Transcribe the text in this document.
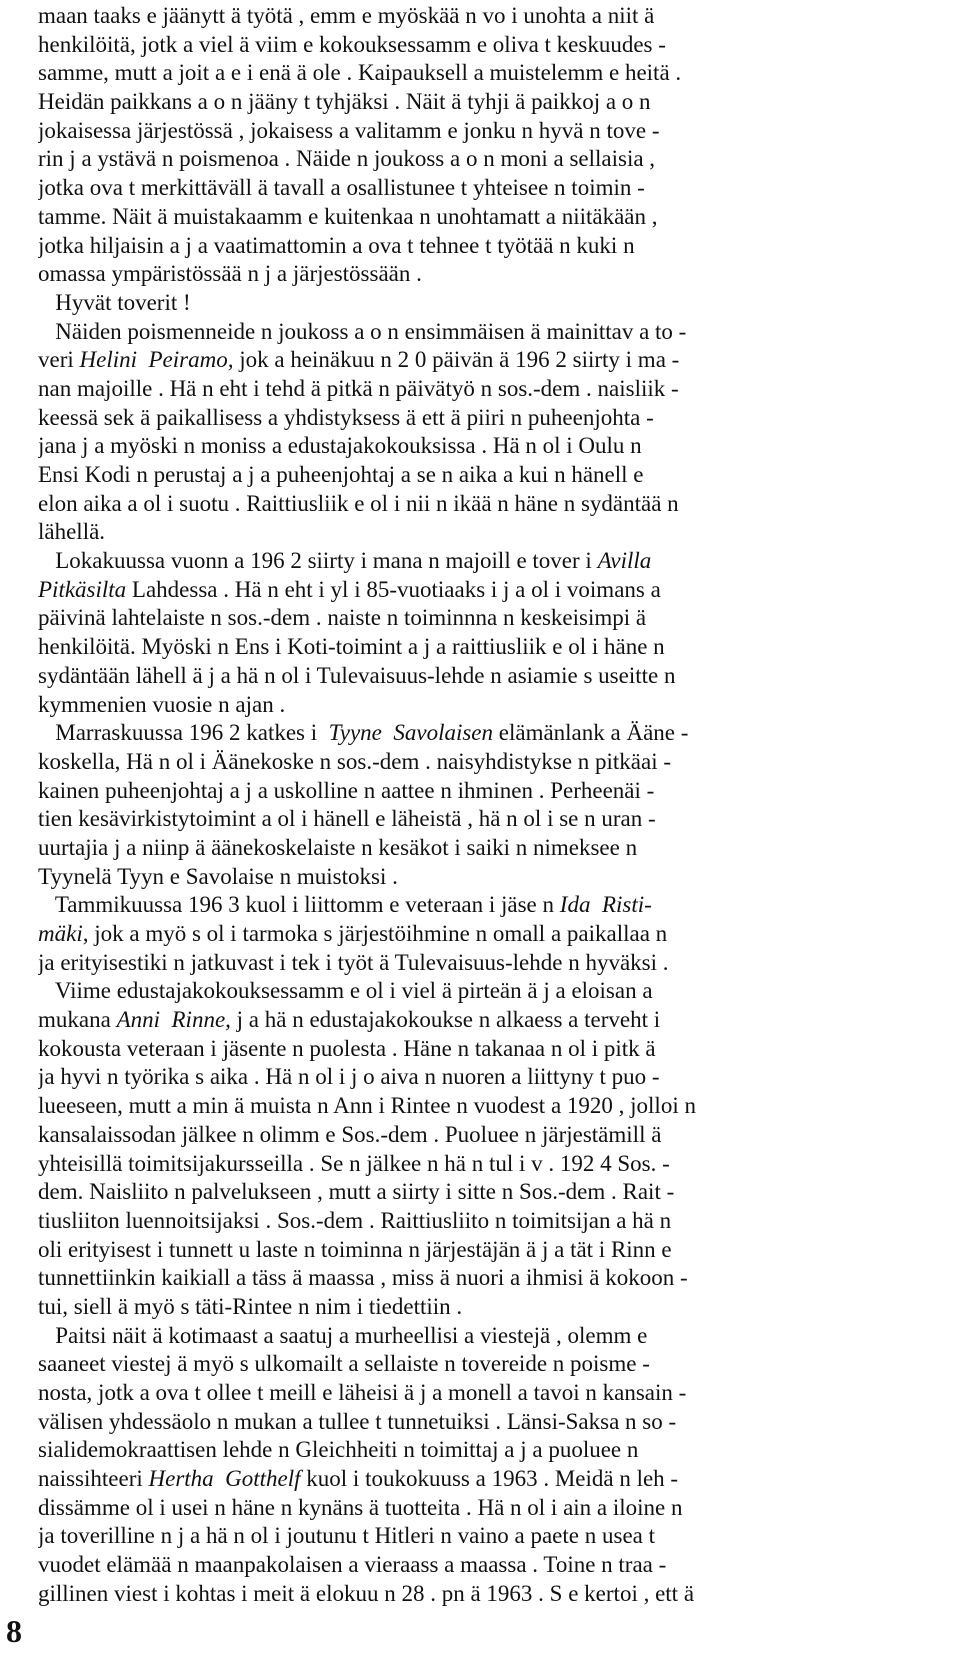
maan taaks e jäänytt ä työtä , emm e myöskää n vo i unohta a niit ä
henkilöitä, jotk a viel ä viim e kokouksessamm e oliva t keskuudes -
samme, mutt a joit a e i enä ä ole . Kaipauksell a muistelemm e heitä .
Heidän paikkans a o n jääny t tyhjäksi . Näit ä tyhji ä paikkoj a o n
jokaisessa järjestössä , jokaisess a valitamm e jonku n hyvä n tove -
rin j a ystävä n poismenoa . Näide n joukoss a o n moni a sellaisia ,
jotka ova t merkittäväll ä tavall a osallistunee t yhteisee n toimin -
tamme. Näit ä muistakaamm e kuitenkaa n unohtamatt a niitäkään ,
jotka hiljaisin a j a vaatimattomin a ova t tehnee t työtää n kuki n
omassa ympäristössää n j a järjestössään .
Hyvät toverit !
Näiden poismenneide n joukoss a o n ensimmäisen ä mainittav a to -
veri Helini  Peiramo, jok a heinäkuu n 2 0 päivän ä 196 2 siirty i ma -
nan majoille . Hä n eht i tehd ä pitkä n päivätyö n sos.-dem . naisliik -
keessä sek ä paikallisess a yhdistyksess ä ett ä piiri n puheenjohta -
jana j a myöski n moniss a edustajakokouksissa . Hä n ol i Oulu n
Ensi Kodi n perustaj a j a puheenjohtaj a se n aika a kui n hänell e
elon aika a ol i suotu . Raittiusliik e ol i nii n ikää n häne n sydäntää n
lähellä.
Lokakuussa vuonn a 196 2 siirty i mana n majoill e tover i Avilla
Pitkäsilta Lahdessa . Hä n eht i yl i 85-vuotiaaks i j a ol i voimans a
päivinä lahtelaiste n sos.-dem . naiste n toiminnna n keskeisimpi ä
henkilöitä. Myöski n Ens i Koti-toimint a j a raittiusliik e ol i häne n
sydäntään lähell ä j a hä n ol i Tulevaisuus-lehde n asiamie s useitte n
kymmenien vuosie n ajan .
Marraskuussa 196 2 katkes i  Tyyne  Savolaisen elämänlank a Ääne -
koskella, Hä n ol i Äänekoske n sos.-dem . naisyhdistykse n pitkäai -
kainen puheenjohtaj a j a uskolline n aattee n ihminen . Perheenäi -
tien kesävirkistytoimint a ol i hänell e läheistä , hä n ol i se n uran -
uurtajia j a niinp ä äänekoskelaiste n kesäkot i saiki n nimeksee n
Tyynelä Tyyn e Savolaise n muistoksi .
Tammikuussa 196 3 kuol i liittomm e veteraan i jäse n Ida  Risti-
mäki, jok a myö s ol i tarmoka s järjestöihmine n omall a paikallaa n
ja erityisestiki n jatkuvast i tek i työt ä Tulevaisuus-lehde n hyväksi .
Viime edustajakokouksessamm e ol i viel ä pirteän ä j a eloisan a
mukana Anni  Rinne, j a hä n edustajakokoukse n alkaess a terveht i
kokousta veteraan i jäsente n puolesta . Häne n takanaa n ol i pitk ä
ja hyvi n työrika s aika . Hä n ol i j o aiva n nuoren a liittyny t puo -
lueeseen, mutt a min ä muista n Ann i Rintee n vuodest a 1920 , jolloi n
kansalaissodan jälkee n olimm e Sos.-dem . Puoluee n järjestämill ä
yhteisillä toimitsijakursseilla . Se n jälkee n hä n tul i v . 192 4 Sos. -
dem. Naisliito n palvelukseen , mutt a siirty i sitte n Sos.-dem . Rait -
tiusliiton luennoitsijaksi . Sos.-dem . Raittiusliito n toimitsijan a hä n
oli erityisest i tunnett u laste n toiminna n järjestäjän ä j a tät i Rinn e
tunnettiinkin kaikiall a täss ä maassa , miss ä nuori a ihmisi ä kokoon -
tui, siell ä myö s täti-Rintee n nim i tiedettiin .
Paitsi näit ä kotimaast a saatuj a murheellisi a viestejä , olemm e
saaneet viestej ä myö s ulkomailt a sellaiste n tovereide n poisme -
nosta, jotk a ova t ollee t meill e läheisi ä j a monell a tavoi n kansain -
välisen yhdessäolo n mukan a tullee t tunnetuiksi . Länsi-Saksa n so -
sialidemokraattisen lehde n Gleichheiti n toimittaj a j a puoluee n
naissihteeri Hertha  Gotthelf kuol i toukokuuss a 1963 . Meidä n leh -
dissämme ol i usei n häne n kynäns ä tuotteita . Hä n ol i ain a iloine n
ja toverilline n j a hä n ol i joutunu t Hitleri n vaino a paete n usea t
vuodet elämää n maanpakolaisen a vieraass a maassa . Toine n traa -
gillinen viest i kohtas i meit ä elokuu n 28 . pn ä 1963 . S e kertoi , ett ä
8
